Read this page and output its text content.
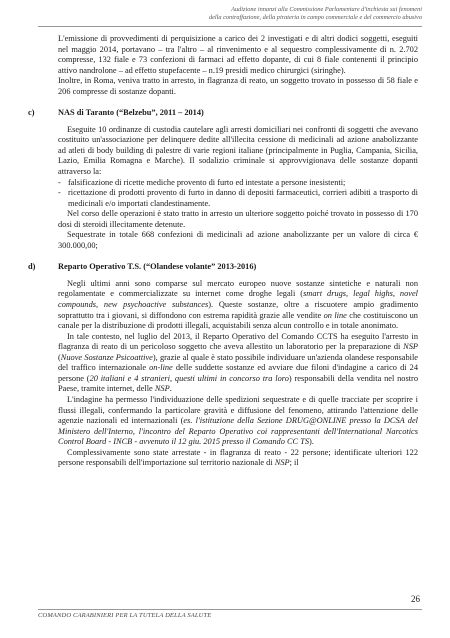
Audizione innanzi alla Commissione Parlamentare d'inchiesta sui fenomeni
della contraffazione, della pirateria in campo commerciale e del commercio abusivo

L'emissione di provvedimenti di perquisizione a carico dei 2 investigati e di altri dodici soggetti, eseguiti nel maggio 2014, portavano – tra l'altro – al rinvenimento e al sequestro complessivamente di n. 2.702 compresse, 132 fiale e 73 confezioni di farmaci ad effetto dopante, di cui 8 fiale contenenti il principio attivo nandrolone – ad effetto stupefacente – n.19 presidi medico chirurgici (siringhe).

Inoltre, in Roma, veniva tratto in arresto, in flagranza di reato, un soggetto trovato in possesso di 58 fiale e 206 compresse di sostanze dopanti.

c)	NAS di Taranto (“Belzebu”, 2011 – 2014)

Eseguite 10 ordinanze di custodia cautelare agli arresti domiciliari nei confronti di soggetti che avevano costituito un'associazione per delinquere dedite all'illecita cessione di medicinali ad azione anabolizzante ad atleti di body building di palestre di varie regioni italiane (principalmente in Puglia, Campania, Sicilia, Lazio, Emilia Romagna e Marche). Il sodalizio criminale si approvvigionava delle sostanze dopanti attraverso la:

- falsificazione di ricette mediche provento di furto ed intestate a persone inesistenti;
- ricettazione di prodotti provento di furto in danno di depositi farmaceutici, corrieri adibiti a trasporto di medicinali e/o importati clandestinamente.

Nel corso delle operazioni è stato tratto in arresto un ulteriore soggetto poiché trovato in possesso di 170 dosi di steroidi illecitamente detenute.

Sequestrate in totale 668 confezioni di medicinali ad azione anabolizzante per un valore di circa € 300.000,00;

d)	Reparto Operativo T.S. (“Olandese volante” 2013-2016)

Negli ultimi anni sono comparse sul mercato europeo nuove sostanze sintetiche e naturali non regolamentate e commercializzate su internet come droghe legali (smart drugs, legal highs, novel compounds, new psychoactive substances). Queste sostanze, oltre a riscuotere ampio gradimento soprattutto tra i giovani, si diffondono con estrema rapidità grazie alle vendite on line che costituiscono un canale per la distribuzione di prodotti illegali, acquistabili senza alcun controllo e in totale anonimato.

In tale contesto, nel luglio del 2013, il Reparto Operativo del Comando CCTS ha eseguito l'arresto in flagranza di reato di un pericoloso soggetto che aveva allestito un laboratorio per la preparazione di NSP (Nuove Sostanze Psicoattive), grazie al quale è stato possibile individuare un'azienda olandese responsabile del traffico internazionale on-line delle suddette sostanze ed avviare due filoni d'indagine a carico di 24 persone (20 italiani e 4 stranieri, questi ultimi in concorso tra loro) responsabili della vendita nel nostro Paese, tramite internet, delle NSP.

L'indagine ha permesso l'individuazione delle spedizioni sequestrate e di quelle tracciate per scoprire i flussi illegali, confermando la particolare gravità e diffusione del fenomeno, attirando l'attenzione delle agenzie nazionali ed internazionali (es. l'istituzione della Sezione DRUG@ONLINE presso la DCSA del Ministero dell'Interno, l'incontro del Reparto Operativo coi rappresentanti dell'International Narcotics Control Board - INCB - avvenuto il 12 giu. 2015 presso il Comando CC TS).

Complessivamente sono state arrestate - in flagranza di reato - 22 persone; identificate ulteriori 122 persone responsabili dell'importazione sul territorio nazionale di NSP; il

26
COMANDO CARABINIERI PER LA TUTELA DELLA SALUTE
